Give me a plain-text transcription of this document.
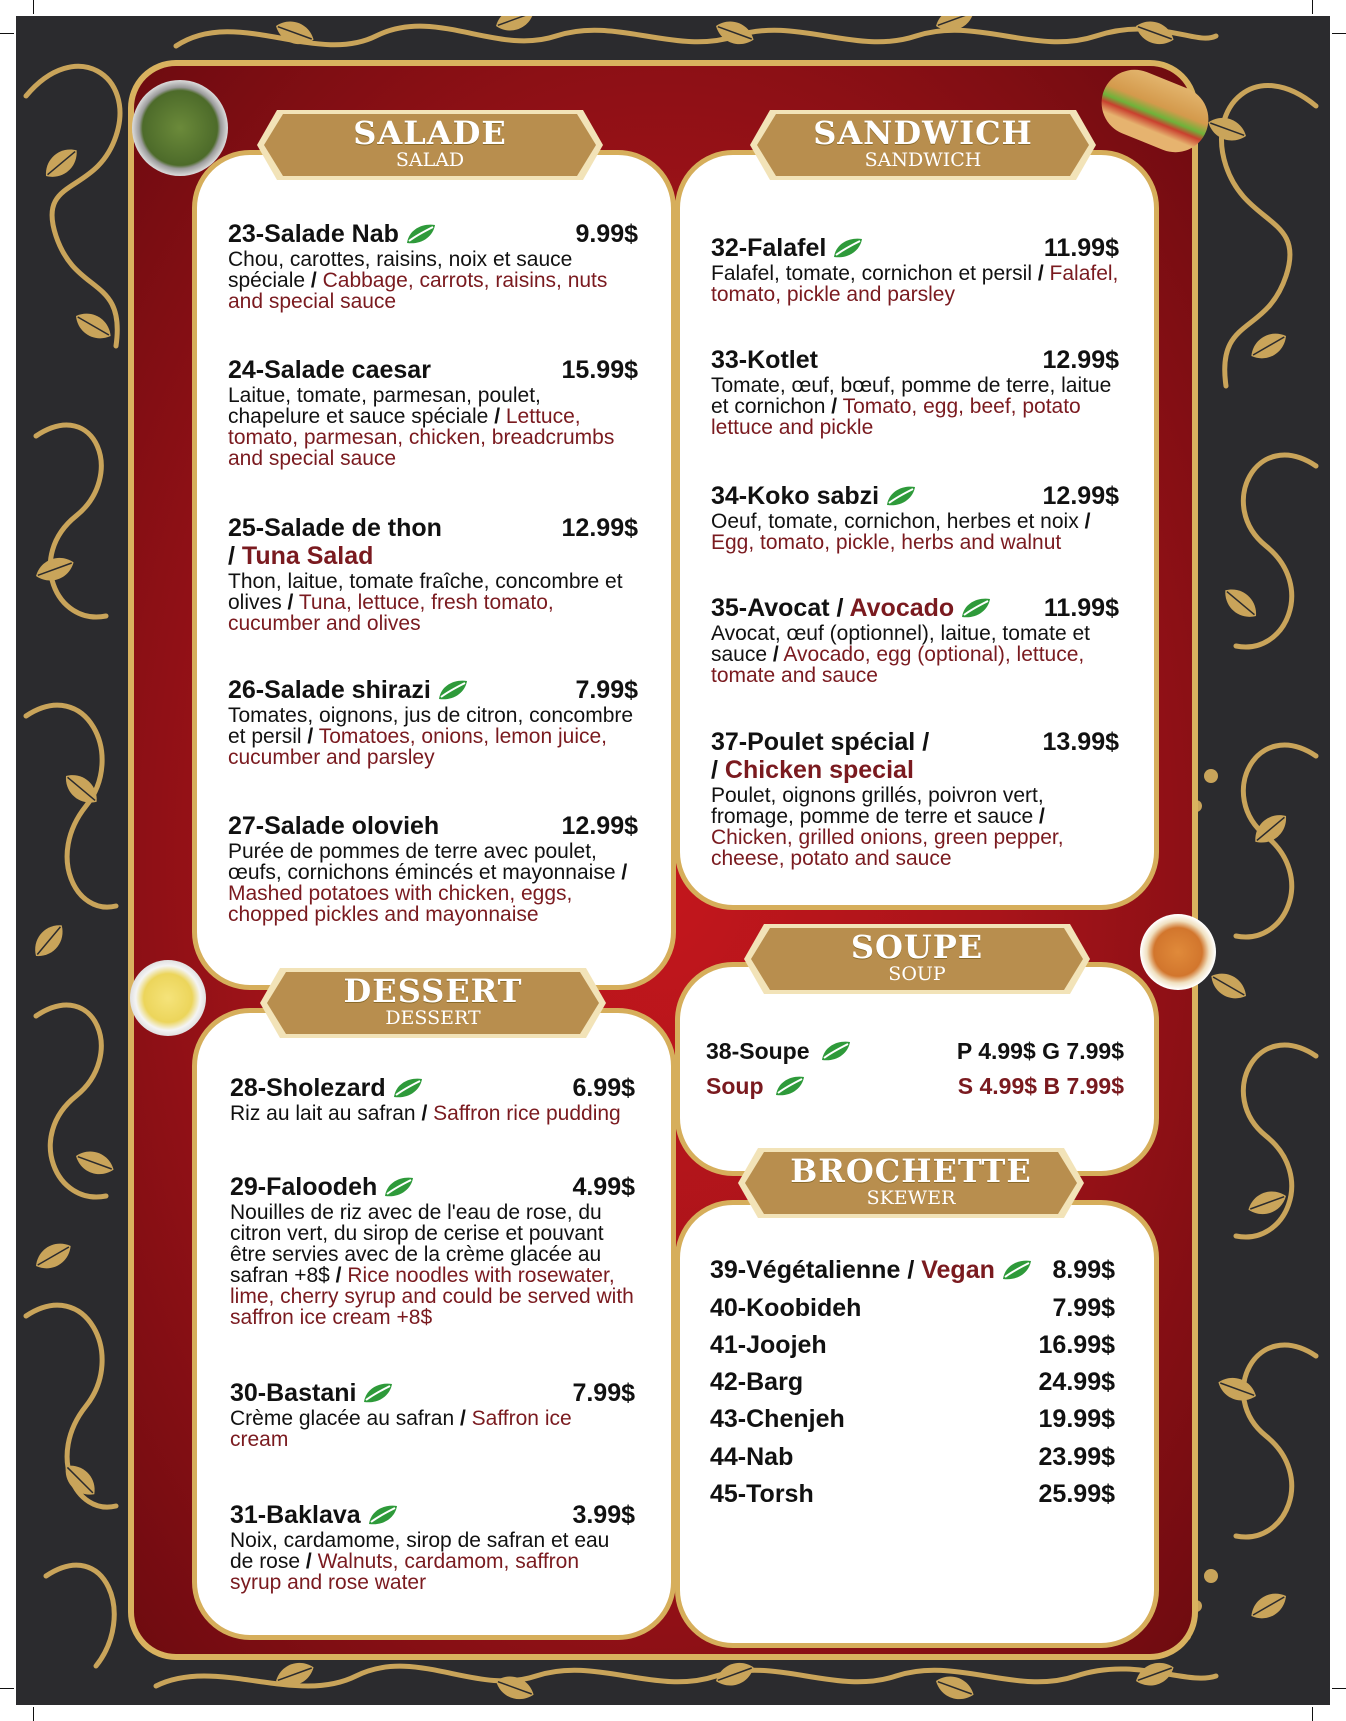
SALADE
SALAD
SANDWICH
SANDWICH
DESSERT
DESSERT
SOUPE
SOUP
BROCHETTE
SKEWER
23-Salade Nab	9.99$
Chou, carottes, raisins, noix et sauce spéciale / Cabbage, carrots, raisins, nuts and special sauce
24-Salade caesar	15.99$
Laitue, tomate, parmesan, poulet, chapelure et sauce spéciale / Lettuce, tomato, parmesan, chicken, breadcrumbs and special sauce
25-Salade de thon	12.99$
/ Tuna Salad
Thon, laitue, tomate fraîche, concombre et olives / Tuna, lettuce, fresh tomato, cucumber and olives
26-Salade shirazi	7.99$
Tomates, oignons, jus de citron, concombre et persil / Tomatoes, onions, lemon juice, cucumber and parsley
27-Salade olovieh	12.99$
Purée de pommes de terre avec poulet, œufs, cornichons émincés et mayonnaise / Mashed potatoes with chicken, eggs, chopped pickles and mayonnaise
32-Falafel	11.99$
Falafel, tomate, cornichon et persil / Falafel, tomato, pickle and parsley
33-Kotlet	12.99$
Tomate, œuf, bœuf, pomme de terre, laitue et cornichon / Tomato, egg, beef, potato lettuce and pickle
34-Koko sabzi	12.99$
Oeuf, tomate, cornichon, herbes et noix / Egg, tomato, pickle, herbs and walnut
35-Avocat / Avocado	11.99$
Avocat, œuf (optionnel), laitue, tomate et sauce / Avocado, egg (optional), lettuce, tomate and sauce
37-Poulet spécial /	13.99$
/ Chicken special
Poulet, oignons grillés, poivron vert, fromage, pomme de terre et sauce / Chicken, grilled onions, green pepper, cheese, potato and sauce
28-Sholezard	6.99$
Riz au lait au safran / Saffron rice pudding
29-Faloodeh	4.99$
Nouilles de riz avec de l'eau de rose, du citron vert, du sirop de cerise et pouvant être servies avec de la crème glacée au safran +8$ / Rice noodles with rosewater, lime, cherry syrup and could be served with saffron ice cream +8$
30-Bastani	7.99$
Crème glacée au safran / Saffron ice cream
31-Baklava	3.99$
Noix, cardamome, sirop de safran et eau de rose / Walnuts, cardamom, saffron syrup and rose water
38-Soupe	P 4.99$ G 7.99$
Soup	S 4.99$ B 7.99$
39-Végétalienne / Vegan 8.99$
40-Koobideh	7.99$
41-Joojeh	16.99$
42-Barg	24.99$
43-Chenjeh	19.99$
44-Nab	23.99$
45-Torsh	25.99$
